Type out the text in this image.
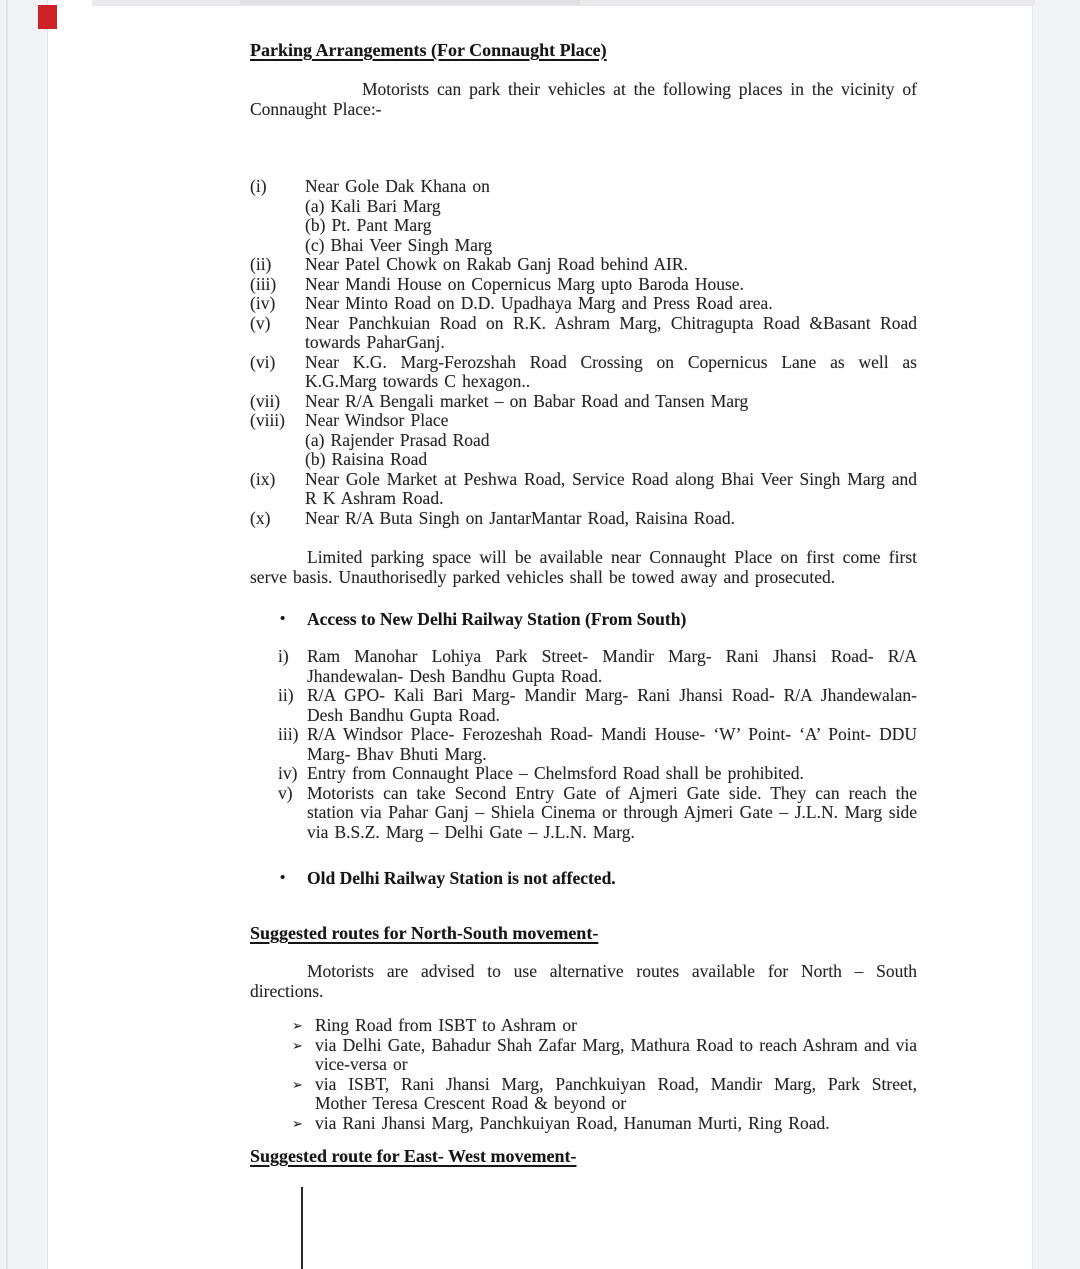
Parking Arrangements (For Connaught Place)

Motorists can park their vehicles at the following places in the vicinity of Connaught Place:-

(i)	Near Gole Dak Khana on
(a) Kali Bari Marg
(b) Pt. Pant Marg
(c) Bhai Veer Singh Marg
(ii)	Near Patel Chowk on Rakab Ganj Road behind AIR.
(iii)	Near Mandi House on Copernicus Marg upto Baroda House.
(iv)	Near Minto Road on D.D. Upadhaya Marg and Press Road area.
(v)	Near Panchkuian Road on R.K. Ashram Marg, Chitragupta Road &Basant Road towards PaharGanj.
(vi)	Near K.G. Marg-Ferozshah Road Crossing on Copernicus Lane as well as K.G.Marg towards C hexagon..
(vii)	Near R/A Bengali market – on Babar Road and Tansen Marg
(viii)	Near Windsor Place
(a) Rajender Prasad Road
(b) Raisina Road
(ix)	Near Gole Market at Peshwa Road, Service Road along Bhai Veer Singh Marg and R K Ashram Road.
(x)	Near R/A Buta Singh on JantarMantar Road, Raisina Road.

Limited parking space will be available near Connaught Place on first come first serve basis. Unauthorisedly parked vehicles shall be towed away and prosecuted.

•	Access to New Delhi Railway Station (From South)
i)	Ram Manohar Lohiya Park Street- Mandir Marg- Rani Jhansi Road- R/A Jhandewalan- Desh Bandhu Gupta Road.
ii) R/A GPO- Kali Bari Marg- Mandir Marg- Rani Jhansi Road- R/A Jhandewalan- Desh Bandhu Gupta Road.
iii) R/A Windsor Place- Ferozeshah Road- Mandi House- ‘W’ Point- ‘A’ Point- DDU Marg- Bhav Bhuti Marg.
iv) Entry from Connaught Place – Chelmsford Road shall be prohibited.
v) Motorists can take Second Entry Gate of Ajmeri Gate side. They can reach the station via Pahar Ganj – Shiela Cinema or through Ajmeri Gate – J.L.N. Marg side via B.S.Z. Marg – Delhi Gate – J.L.N. Marg.
•	Old Delhi Railway Station is not affected.
Suggested routes for North-South movement-

Motorists are advised to use alternative routes available for North – South directions.

➢ Ring Road from ISBT to Ashram or
➢ via Delhi Gate, Bahadur Shah Zafar Marg, Mathura Road to reach Ashram and via vice-versa or
➢ via ISBT, Rani Jhansi Marg, Panchkuiyan Road, Mandir Marg, Park Street, Mother Teresa Crescent Road & beyond or
➢ via Rani Jhansi Marg, Panchkuiyan Road, Hanuman Murti, Ring Road.
Suggested route for East- West movement-
